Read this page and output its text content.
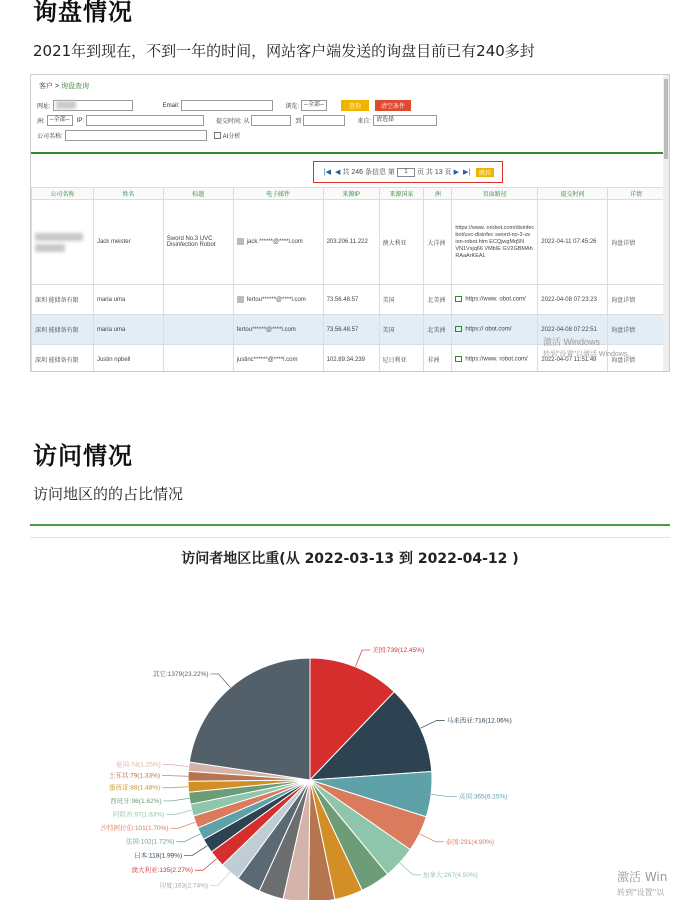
询盘情况
2021年到现在，不到一年的时间，网站客户端发送的询盘目前已有240多封
客户 > 询盘查询
网址:	Email:	浏览: --全部--	查询	清空条件
洲: --全部--	IP:	提交时间: 从	到	来自: 请选择
公司名称:	AI分析
|◀ ◀ 共 246 条信息 第	1	页 共 13 页 ▶ ▶|	跳转
公司名称	姓名	标题	电子邮件	来源IP	来源国家	洲	页面路径	提交时间	详情

	Jack meister	Sword No.3 UVC Disinfection Robot	jack.******@****l.com	203.206.11.222	澳大利亚	大洋洲	https://www. nrobot.com/disinfec bot/uvc-disinfec sword-no-3-uv ion-robot.htm ECQjwgMq5N VN1Vsjq66 VMbIE GV2GBMAh RAaArKEAL	2022-04-11 07:45:26	询盘详情
深圳 能储备有限	maria uma		fertou******@****l.com	73.56.48.57	美国	北美洲	https://www. obot.com/	2022-04-08 07:23:23	询盘详情
深圳 能储备有限	maria uma		fertou******@****l.com	73.56.48.57	美国	北美洲	https:// obot.com/	2022-04-08 07:22:51	询盘详情
深圳 能储备有限	Justin npbell		justinc******@****l.com	102.89.34.239	尼日利亚	非洲	https://www. robot.com/	2022-04-07 11:51:49	询盘详情
激活 Windows
转到"设置"以激活 Windows。
访问情况
访问地区的的占比情况
访问者地区比重(从 2022-03-13 到 2022-04-12 )
美国:739(12.45%)
马来西亚:716(12.06%)
英国:365(6.15%)
泰国:291(4.90%)
加拿大:267(4.50%)
印度:163(2.74%)
澳大利亚:135(2.27%)
日本:118(1.99%)
法国:102(1.72%)
沙特阿拉伯:101(1.70%)
阿联酋:97(1.63%)
西班牙:96(1.62%)
墨西哥:88(1.48%)
土耳其:79(1.33%)
德国:74(1.25%)
其它:1379(23.22%)
激活 Win
转到"设置"以
